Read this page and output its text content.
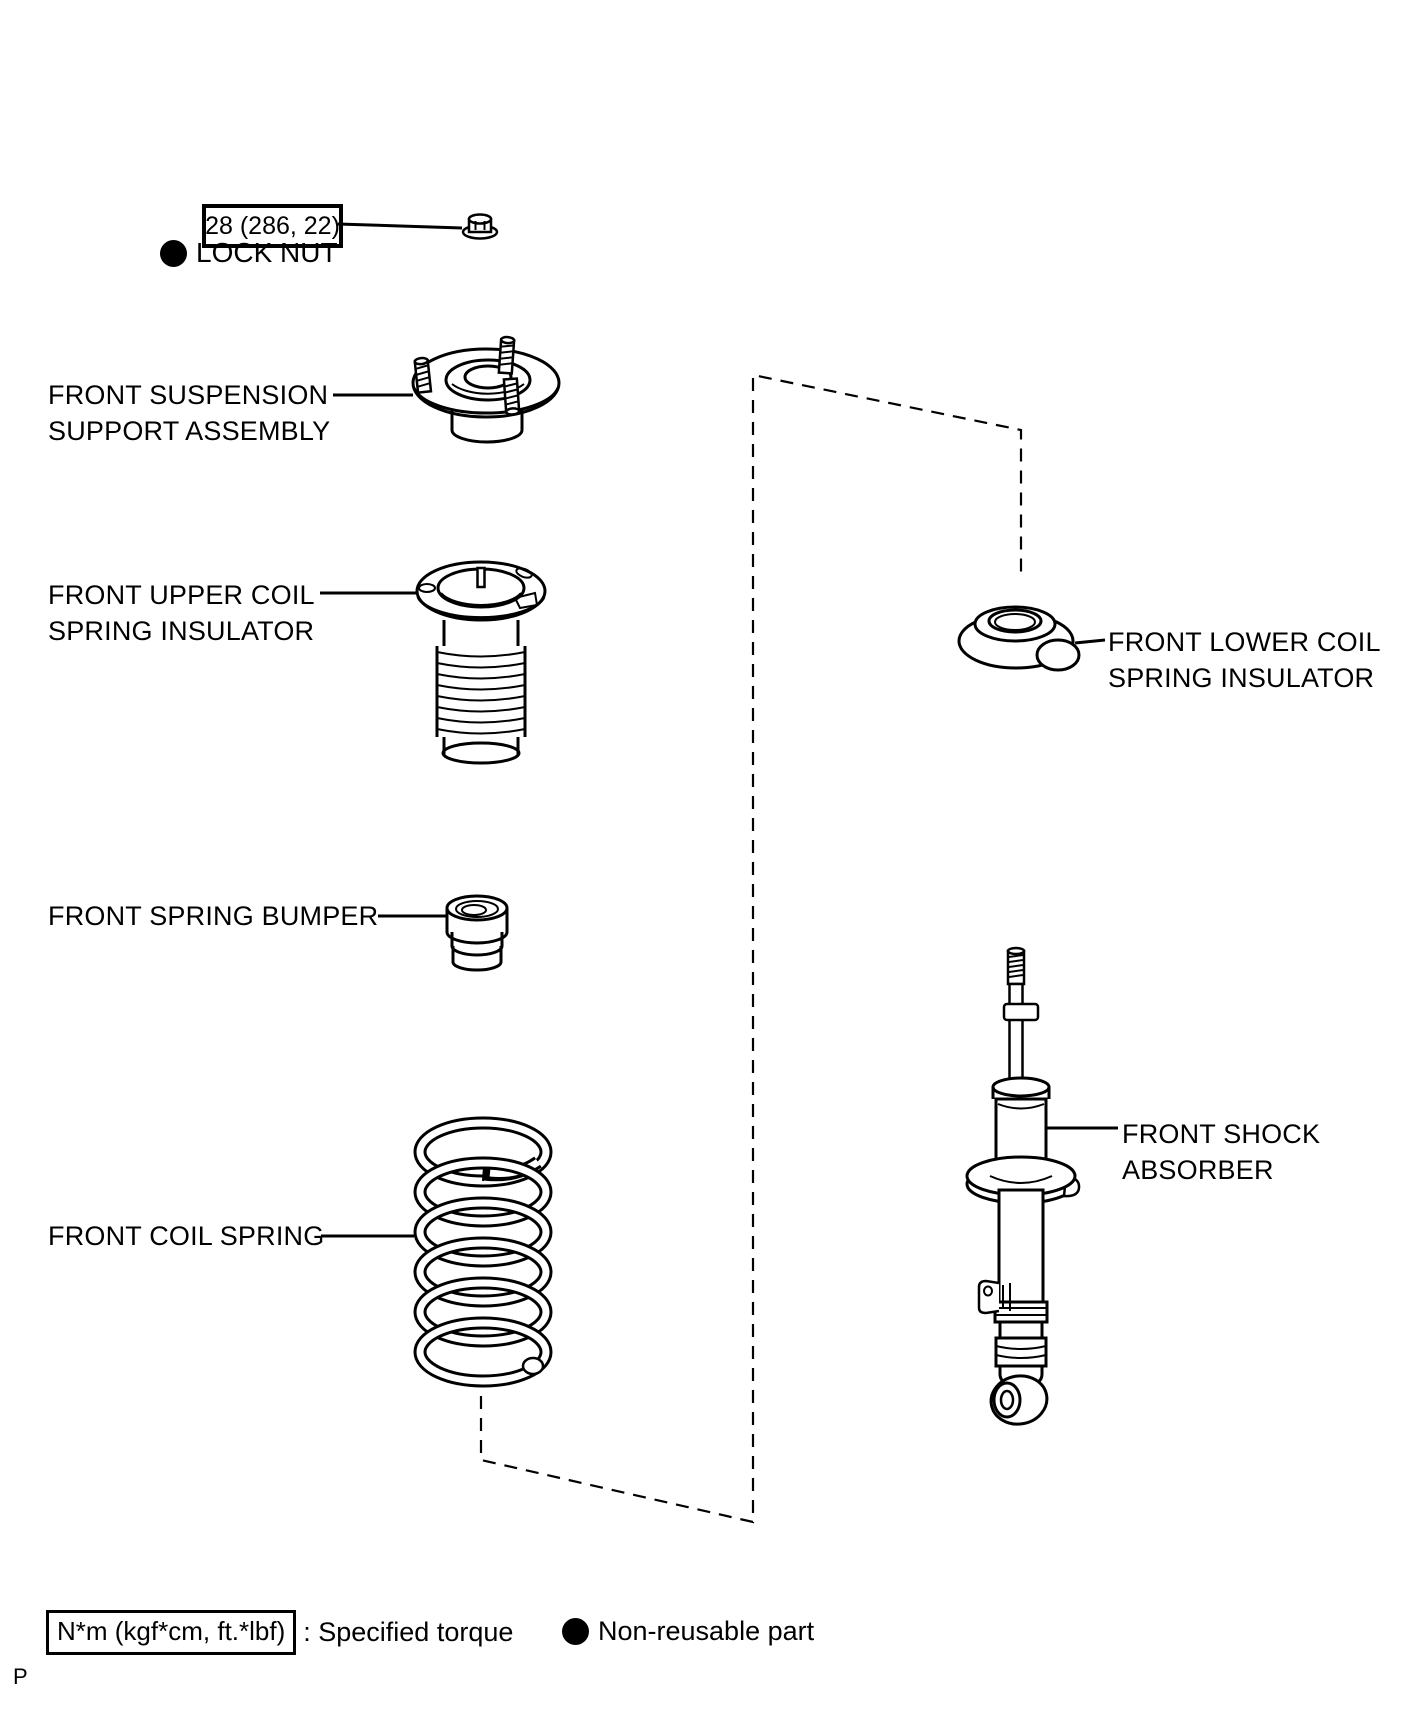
28 (286, 22)
LOCK NUT
FRONT SUSPENSION
SUPPORT ASSEMBLY
FRONT UPPER COIL
SPRING INSULATOR	FRONT LOWER COIL
SPRING INSULATOR
FRONT SPRING BUMPER
FRONT COIL SPRING
FRONT SHOCK
ABSORBER
N*m (kgf*cm, ft.*lbf) : Specified torque	Non-reusable part
P
